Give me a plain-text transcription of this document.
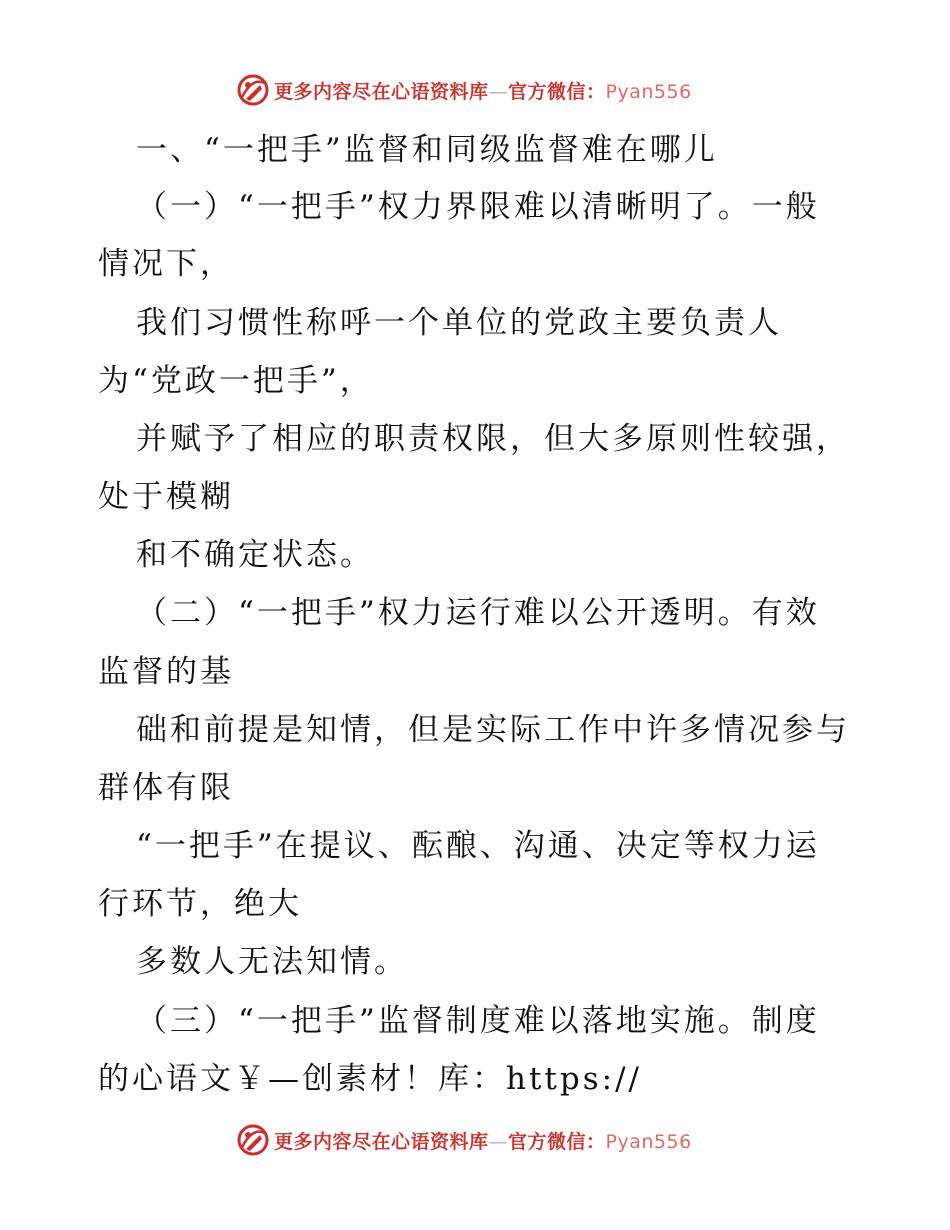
更多内容尽在心语资料库—官方微信：Pyan556
一、“一把手”监督和同级监督难在哪儿
（一）“一把手”权力界限难以清晰明了。一般
情况下，
我们习惯性称呼一个单位的党政主要负责人
为“党政一把手”，
并赋予了相应的职责权限，但大多原则性较强，
处于模糊
和不确定状态。
（二）“一把手”权力运行难以公开透明。有效
监督的基
础和前提是知情，但是实际工作中许多情况参与
群体有限
“一把手”在提议、酝酿、沟通、决定等权力运
行环节，绝大
多数人无法知情。
（三）“一把手”监督制度难以落地实施。制度
的心语文￥—创素材！库：https://
更多内容尽在心语资料库—官方微信：Pyan556
